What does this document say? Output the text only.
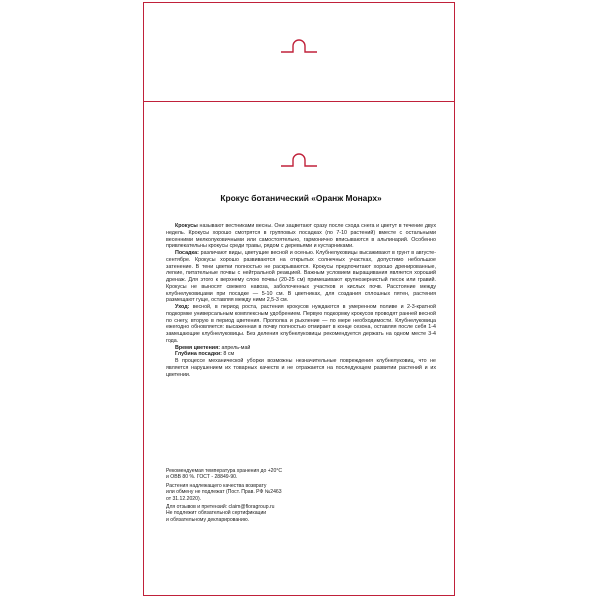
Крокус ботанический «Оранж Монарх»

Крокусы называют вестниками весны. Они зацветают сразу после схода снега и цветут в течение двух недель. Крокусы хорошо смотрятся в групповых посадках (по 7-10 растений) вместе с остальными весенними мелколуковичными или самостоятельно, гармонично вписываются в альпинарий. Особенно привлекательны крокусы среди травы, рядом с деревьями и кустарниками.

Посадка: различают виды, цветущие весной и осенью. Клубнелуковицы высаживают в грунт в августе-сентябре. Крокусы хорошо развиваются на открытых солнечных участках, допустимо небольшое затенение. В тени цветки полностью не раскрываются. Крокусы предпочитают хорошо дренированные, легкие, питательные почвы с нейтральной реакцией. Важным условием выращивания является хороший дренаж. Для этого к верхнему слою почвы (20-25 см) примешивают крупнозернистый песок или гравий. Крокусы не выносят свежего навоза, заболоченных участков и кислых почв. Расстояние между клубнелуковицами при посадке — 5-10 см. В цветниках, для создания сплошных пятен, растения размещают гуще, оставляя между ними 2,5-3 см.

Уход: весной, в период роста, растения крокусов нуждаются в умеренном поливе и 2-3-кратной подкормке универсальным комплексным удобрением. Первую подкормку крокусов проводят ранней весной по снегу, вторую в период цветения. Прополка и рыхление — по мере необходимости. Клубнелуковица ежегодно обновляется: высаженная в почву полностью отмирает в конце сезона, оставляя после себя 1-4 замещающие клубнелуковицы. Без деления клубнелуковицы рекомендуется держать на одном месте 3-4 года.

Время цветения: апрель-май

Глубина посадки: 8 см

В процессе механической уборки возможны незначительные повреждения клубнелуковиц, что не является нарушением их товарных качеств и не отражается на последующем развитии растений и их цветении.

Рекомендуемая температура хранения до +20°С
и ОВВ 80 %. ГОСТ - 28849-90.
Растения надлежащего качества возврату
или обмену не подлежат (Пост. Прав. РФ №2463
от 31.12.2020).
Для отзывов и претензий: claim@floragroup.ru
Не подлежит обязательной сертификации
и обязательному декларированию.
